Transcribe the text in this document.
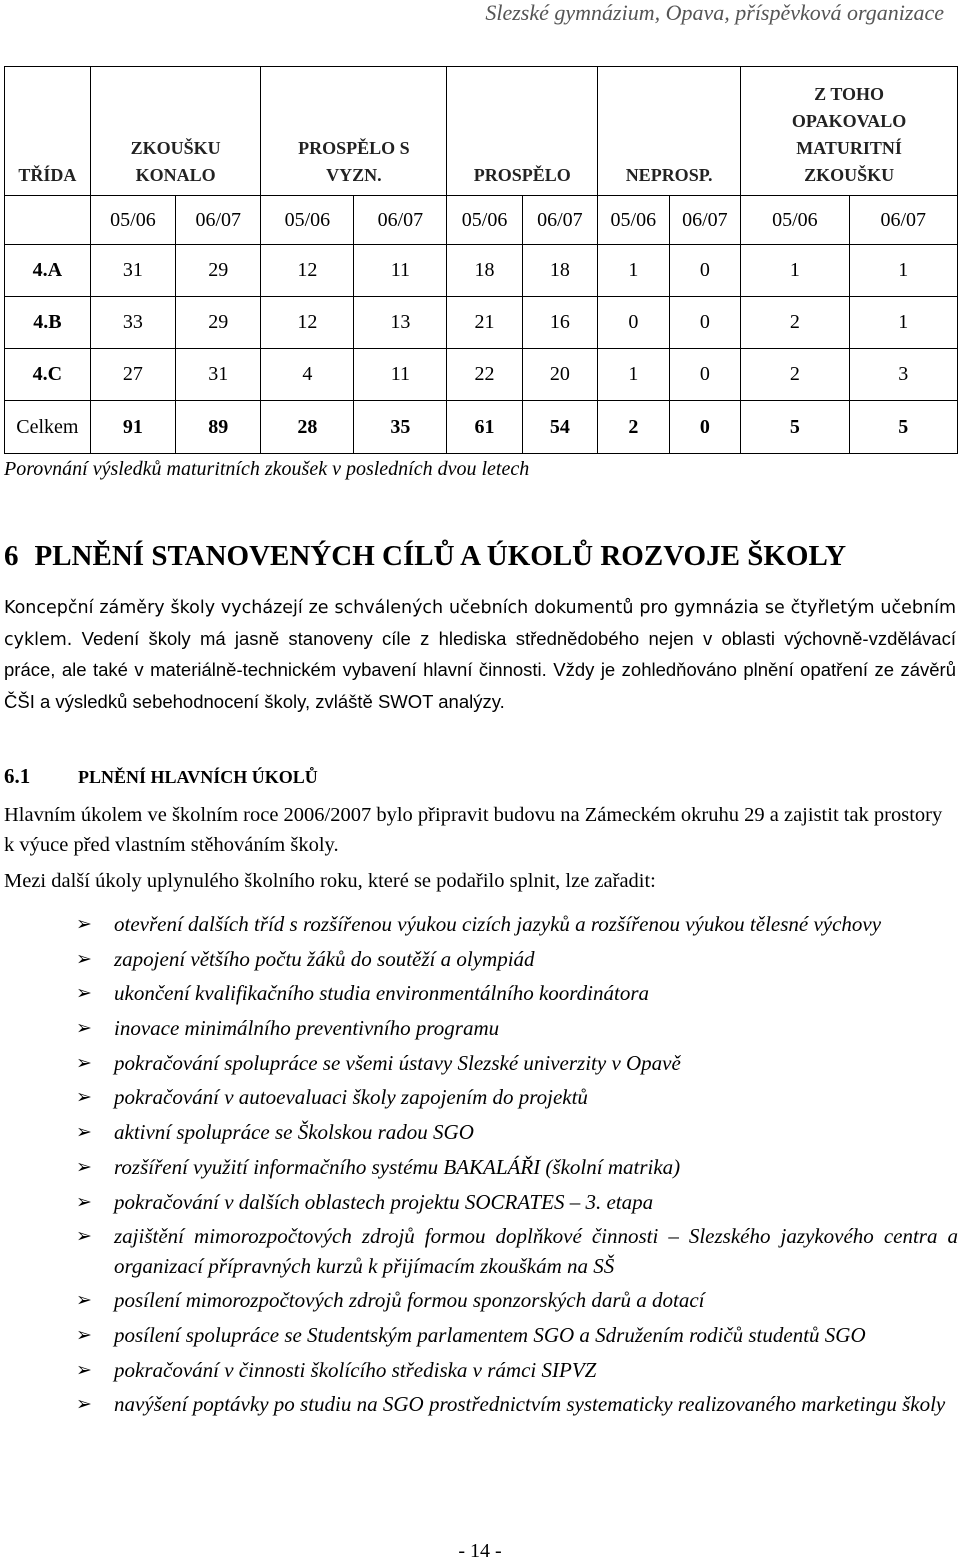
Slezské gymnázium, Opava, příspěvková organizace
TŘÍDA	ZKOUŠKU KONALO		PROSPĚLO S VYZN.		PROSPĚLO		NEPROSP.		Z TOHO OPAKOVALO MATURITNÍ ZKOUŠKU	
	05/06	06/07	05/06	06/07	05/06	06/07	05/06	06/07	05/06	06/07
4.A	31	29	12	11	18	18	1	0	1	1
4.B	33	29	12	13	21	16	0	0	2	1
4.C	27	31	4	11	22	20	1	0	2	3
Celkem	91	89	28	35	61	54	2	0	5	5
Porovnání výsledků maturitních zkoušek v posledních dvou letech
6 PLNĚNÍ STANOVENÝCH CÍLŮ A ÚKOLŮ ROZVOJE ŠKOLY
Koncepční záměry školy vycházejí ze schválených učebních dokumentů pro gymnázia se čtyřletým učebním cyklem. Vedení školy má jasně stanoveny cíle z hlediska střednědobého nejen v oblasti výchovně-vzdělávací práce, ale také v materiálně-technickém vybavení hlavní činnosti. Vždy je zohledňováno plnění opatření ze závěrů ČŠI a výsledků sebehodnocení školy, zvláště SWOT analýzy.
6.1	PLNĚNÍ HLAVNÍCH ÚKOLŮ
Hlavním úkolem ve školním roce 2006/2007 bylo připravit budovu na Zámeckém okruhu 29 a zajistit tak prostory k výuce před vlastním stěhováním školy.
Mezi další úkoly uplynulého školního roku, které se podařilo splnit, lze zařadit:
➢ otevření dalších tříd s rozšířenou výukou cizích jazyků a rozšířenou výukou tělesné výchovy
➢ zapojení většího počtu žáků do soutěží a olympiád
➢ ukončení kvalifikačního studia environmentálního koordinátora
➢ inovace minimálního preventivního programu
➢ pokračování spolupráce se všemi ústavy Slezské univerzity v Opavě
➢ pokračování v autoevaluaci školy zapojením do projektů
➢ aktivní spolupráce se Školskou radou SGO
➢ rozšíření využití informačního systému BAKALÁŘI (školní matrika)
➢ pokračování v dalších oblastech projektu SOCRATES – 3. etapa
➢ zajištění mimorozpočtových zdrojů formou doplňkové činnosti – Slezského jazykového centra a organizací přípravných kurzů k přijímacím zkouškám na SŠ
➢ posílení mimorozpočtových zdrojů formou sponzorských darů a dotací
➢ posílení spolupráce se Studentským parlamentem SGO a Sdružením rodičů studentů SGO
➢ pokračování v činnosti školícího střediska v rámci SIPVZ
➢ navýšení poptávky po studiu na SGO prostřednictvím systematicky realizovaného marketingu školy
- 14 -
